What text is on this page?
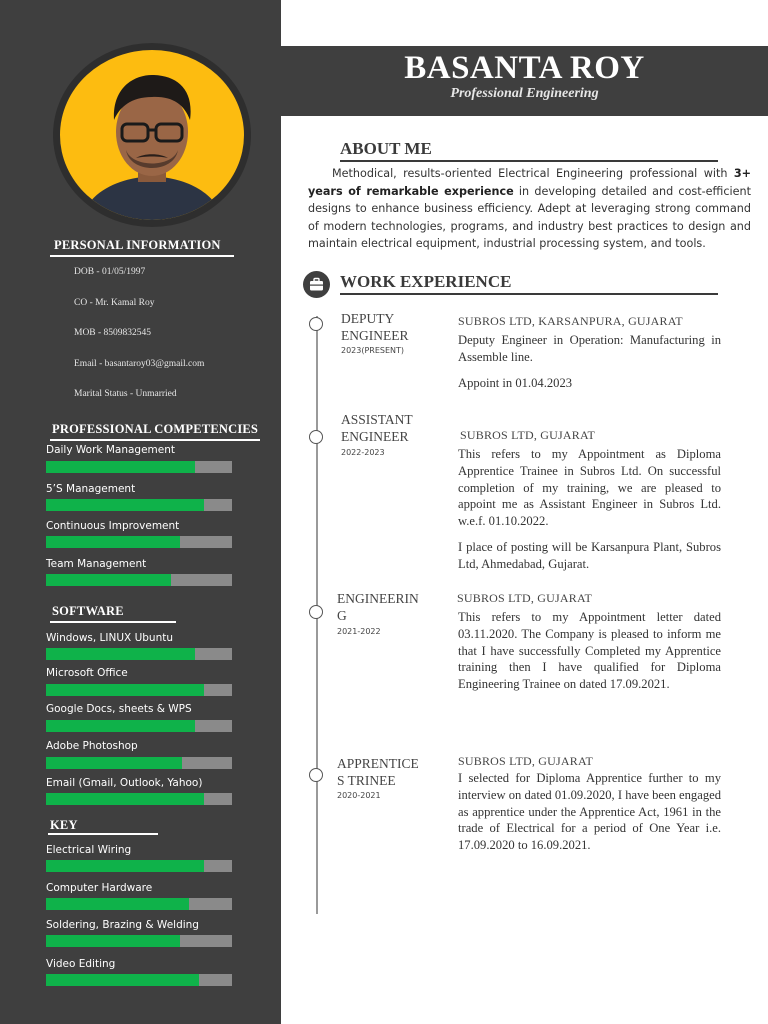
PERSONAL INFORMATION
DOB - 01/05/1997
CO - Mr. Kamal Roy
MOB - 8509832545
Email - basantaroy03@gmail.com
Marital Status - Unmarried
PROFESSIONAL COMPETENCIES
Daily Work Management
5’S Management
Continuous Improvement
Team Management
SOFTWARE
Windows, LINUX Ubuntu
Microsoft Office
Google Docs, sheets & WPS
Adobe Photoshop
Email (Gmail, Outlook, Yahoo)
KEY
Electrical Wiring
Computer Hardware
Soldering, Brazing & Welding
Video Editing
BASANTA ROY
Professional Engineering
ABOUT ME
Methodical, results-oriented Electrical Engineering professional with 3+ years of remarkable experience in developing detailed and cost-efficient designs to enhance business efficiency. Adept at leveraging strong command of modern technologies, programs, and industry best practices to design and maintain electrical equipment, industrial processing system, and tools.
WORK EXPERIENCE
DEPUTY
ENGINEER
2023(PRESENT)
SUBROS LTD, KARSANPURA, GUJARAT
Deputy Engineer in Operation: Manufacturing in Assemble line.
Appoint in 01.04.2023
ASSISTANT
ENGINEER
2022-2023
SUBROS LTD, GUJARAT
This refers to my Appointment as Diploma Apprentice Trainee in Subros Ltd. On successful completion of my training, we are pleased to appoint me as Assistant Engineer in Subros Ltd. w.e.f. 01.10.2022.
I place of posting will be Karsanpura Plant, Subros Ltd, Ahmedabad, Gujarat.
ENGINEERIN
G
2021-2022
SUBROS LTD, GUJARAT
This refers to my Appointment letter dated 03.11.2020. The Company is pleased to inform me that I have successfully Completed my Apprentice training then I have qualified for Diploma Engineering Trainee on dated 17.09.2021.
APPRENTICE
S TRINEE
2020-2021
SUBROS LTD, GUJARAT
I selected for Diploma Apprentice further to my interview on dated 01.09.2020, I have been engaged as apprentice under the Apprentice Act, 1961 in the trade of Electrical for a period of One Year i.e. 17.09.2020 to 16.09.2021.
